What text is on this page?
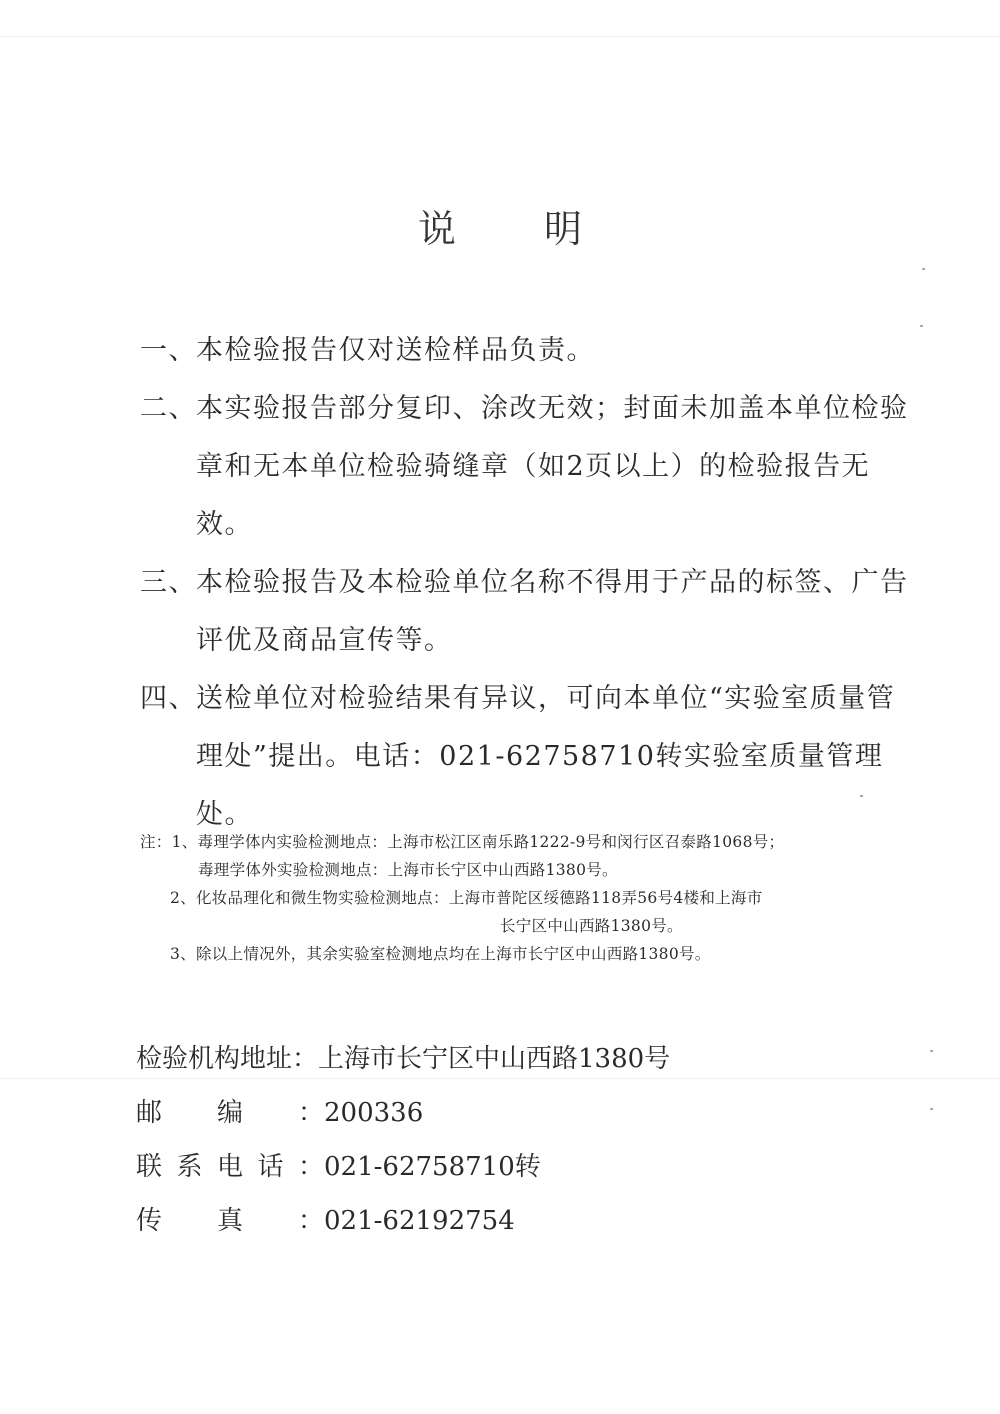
说明
一、本检验报告仅对送检样品负责。
二、本实验报告部分复印、涂改无效；封面未加盖本单位检验
章和无本单位检验骑缝章（如2页以上）的检验报告无效。
三、本检验报告及本检验单位名称不得用于产品的标签、广告
评优及商品宣传等。
四、送检单位对检验结果有异议，可向本单位“实验室质量管
理处”提出。电话：021-62758710转实验室质量管理处。
注：1、毒理学体内实验检测地点：上海市松江区南乐路1222-9号和闵行区召泰路1068号；
毒理学体外实验检测地点：上海市长宁区中山西路1380号。
2、化妆品理化和微生物实验检测地点：上海市普陀区绥德路118弄56号4楼和上海市
长宁区中山西路1380号。
3、除以上情况外，其余实验室检测地点均在上海市长宁区中山西路1380号。
检验机构地址：上海市长宁区中山西路1380号
邮编：200336
联系电话：021-62758710转
传真：021-62192754
